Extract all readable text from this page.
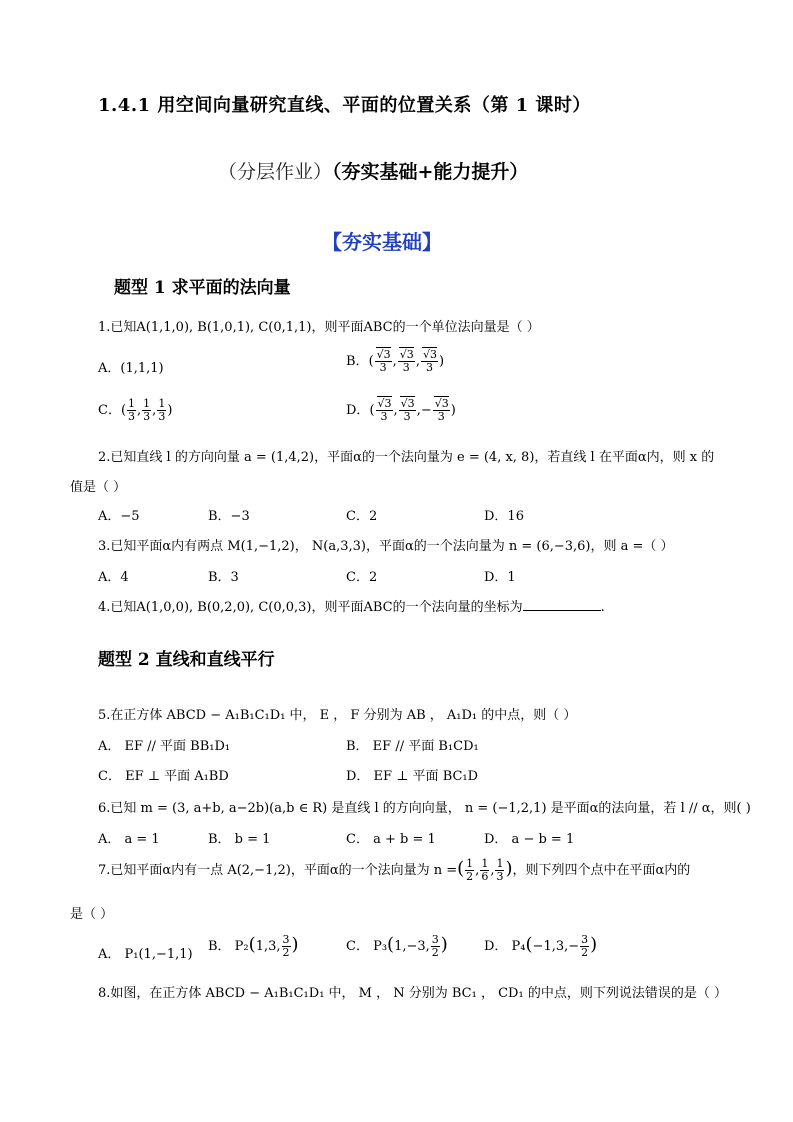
1.4.1 用空间向量研究直线、平面的位置关系（第 1 课时）
（分层作业）（夯实基础+能力提升）
【夯实基础】
题型 1 求平面的法向量
1.已知A(1,1,0), B(1,0,1), C(0,1,1)，则平面ABC的一个单位法向量是（ ）
A．(1,1,1)	B．( $\frac{√3}{3}$ , $\frac{√3}{3}$ , $\frac{√3}{3}$ )
C．( $\frac{1}{3}$ , $\frac{1}{3}$ , $\frac{1}{3}$ )	D．( $\frac{√3}{3}$ , $\frac{√3}{3}$ ,− $\frac{√3}{3}$ )
2.已知直线 l 的方向向量 a = (1,4,2)，平面α的一个法向量为 e = (4, x, 8)，若直线 l 在平面α内，则 x 的
值是（ ）
A．−5	B．−3	C．2	D．16
3.已知平面α内有两点 M(1,−1,2)， N(a,3,3)，平面α的一个法向量为 n = (6,−3,6)，则 a =（ ）
A．4	B．3	C．2	D．1
4.已知A(1,0,0), B(0,2,0), C(0,0,3)，则平面ABC的一个法向量的坐标为	.
题型 2 直线和直线平行
5.在正方体 ABCD − A₁B₁C₁D₁ 中， E ， F 分别为 AB ， A₁D₁ 的中点，则（ ）
A． EF // 平面 BB₁D₁	B． EF // 平面 B₁CD₁
C． EF ⊥ 平面 A₁BD	D． EF ⊥ 平面 BC₁D
6.已知 m = (3, a+b, a−2b)(a,b ∈ R) 是直线 l 的方向向量， n = (−1,2,1) 是平面α的法向量，若 l // α，则( )
A． a = 1	B． b = 1	C． a + b = 1	D． a − b = 1
7.已知平面α内有一点 A(2,−1,2)，平面α的一个法向量为 n =( $\frac{1}{2}$ , $\frac{1}{6}$ , $\frac{1}{3}$ )，则下列四个点中在平面α内的
是（ ）
A． P₁(1,−1,1)
B． P₂(1,3, $\frac{3}{2}$ )	C． P₃(1,−3, $\frac{3}{2}$ )	D． $P_4(-1,3,- \frac{3}{2}$ )
8.如图，在正方体 ABCD − A₁B₁C₁D₁ 中， M ， N 分别为 BC₁ ， CD₁ 的中点，则下列说法错误的是（ ）
